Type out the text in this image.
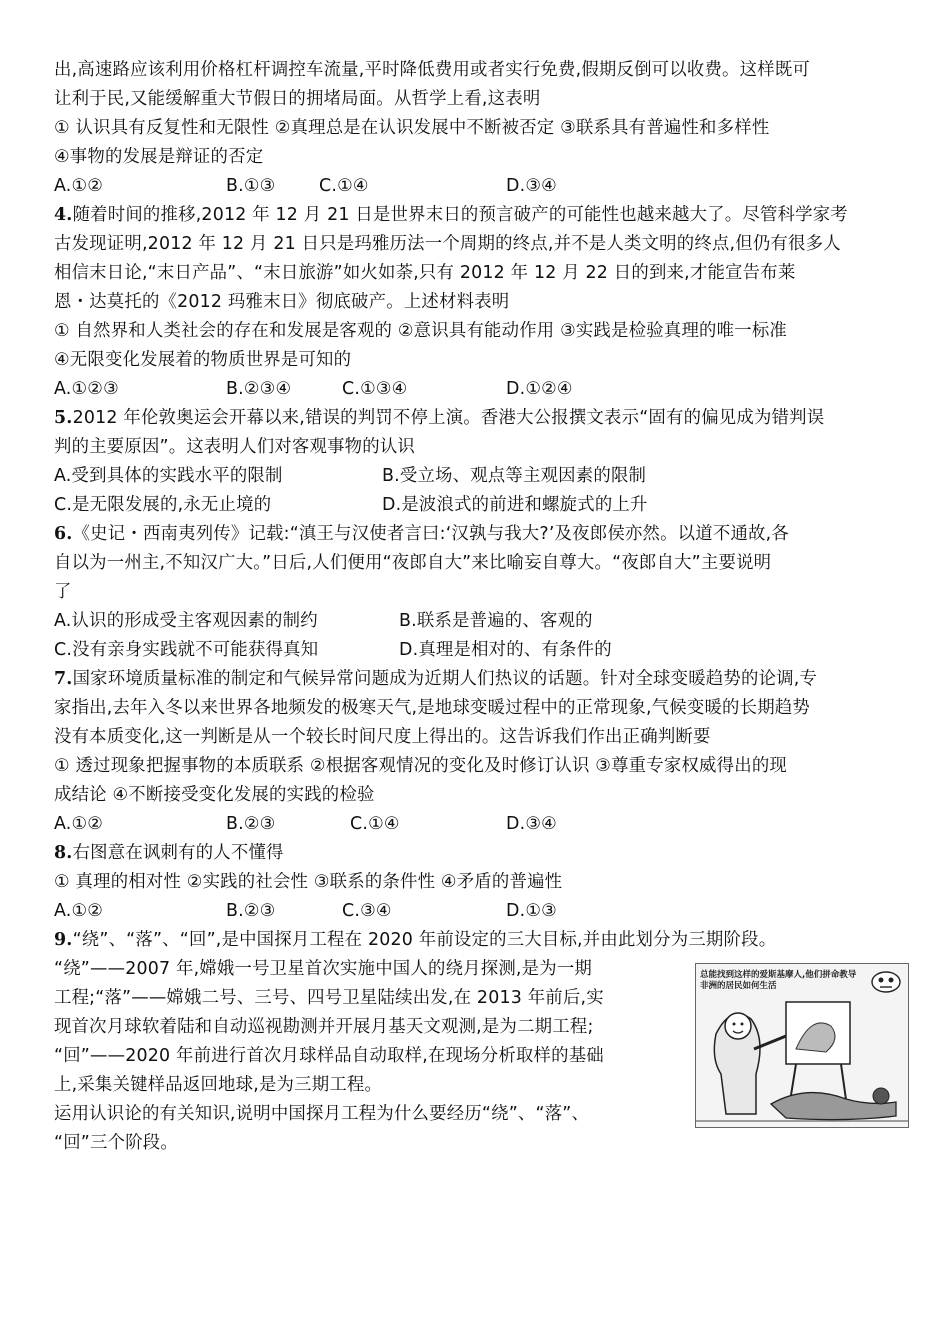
出,高速路应该利用价格杠杆调控车流量,平时降低费用或者实行免费,假期反倒可以收费。这样既可
让利于民,又能缓解重大节假日的拥堵局面。从哲学上看,这表明
① 认识具有反复性和无限性 ②真理总是在认识发展中不断被否定 ③联系具有普遍性和多样性
④事物的发展是辩证的否定
A.①②	B.①③	C.①④	D.③④
4.随着时间的推移,2012 年 12 月 21 日是世界末日的预言破产的可能性也越来越大了。尽管科学家考
古发现证明,2012 年 12 月 21 日只是玛雅历法一个周期的终点,并不是人类文明的终点,但仍有很多人
相信末日论,“末日产品”、“末日旅游”如火如荼,只有 2012 年 12 月 22 日的到来,才能宣告布莱
恩・达莫托的《2012 玛雅末日》彻底破产。上述材料表明
① 自然界和人类社会的存在和发展是客观的 ②意识具有能动作用 ③实践是检验真理的唯一标准
④无限变化发展着的物质世界是可知的
A.①②③	B.②③④	C.①③④	D.①②④
5.2012 年伦敦奥运会开幕以来,错误的判罚不停上演。香港大公报撰文表示“固有的偏见成为错判误
判的主要原因”。这表明人们对客观事物的认识
A.受到具体的实践水平的限制	B.受立场、观点等主观因素的限制
C.是无限发展的,永无止境的	D.是波浪式的前进和螺旋式的上升
6.《史记・西南夷列传》记载:“滇王与汉使者言曰:‘汉孰与我大?’及夜郎侯亦然。以道不通故,各
自以为一州主,不知汉广大。”日后,人们便用“夜郎自大”来比喻妄自尊大。“夜郎自大”主要说明
了
A.认识的形成受主客观因素的制约	B.联系是普遍的、客观的
C.没有亲身实践就不可能获得真知	D.真理是相对的、有条件的
7.国家环境质量标准的制定和气候异常问题成为近期人们热议的话题。针对全球变暖趋势的论调,专
家指出,去年入冬以来世界各地频发的极寒天气,是地球变暖过程中的正常现象,气候变暖的长期趋势
没有本质变化,这一判断是从一个较长时间尺度上得出的。这告诉我们作出正确判断要
① 透过现象把握事物的本质联系 ②根据客观情况的变化及时修订认识 ③尊重专家权威得出的现
成结论 ④不断接受变化发展的实践的检验
A.①②	B.②③	C.①④	D.③④
8.右图意在讽刺有的人不懂得
① 真理的相对性 ②实践的社会性 ③联系的条件性 ④矛盾的普遍性
A.①②	B.②③	C.③④	D.①③
9.“绕”、“落”、“回”,是中国探月工程在 2020 年前设定的三大目标,并由此划分为三期阶段。
“绕”——2007 年,嫦娥一号卫星首次实施中国人的绕月探测,是为一期
工程;“落”——嫦娥二号、三号、四号卫星陆续出发,在 2013 年前后,实
现首次月球软着陆和自动巡视勘测并开展月基天文观测,是为二期工程;
“回”——2020 年前进行首次月球样品自动取样,在现场分析取样的基础
上,采集关键样品返回地球,是为三期工程。
运用认识论的有关知识,说明中国探月工程为什么要经历“绕”、“落”、
“回”三个阶段。
总能找到这样的爱斯基摩人,他们拼命教导非洲的居民如何生活
